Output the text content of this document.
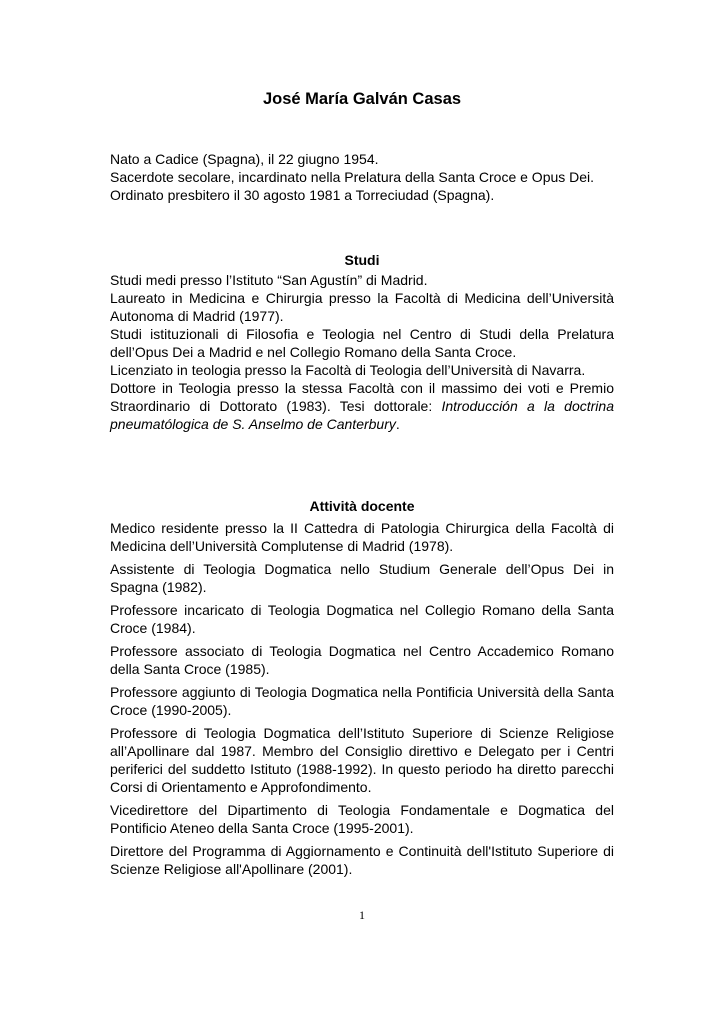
José María Galván Casas

Nato a Cadice (Spagna), il 22 giugno 1954.

Sacerdote secolare, incardinato nella Prelatura della Santa Croce e Opus Dei.

Ordinato presbitero il 30 agosto 1981 a Torreciudad (Spagna).

Studi

Studi medi presso l’Istituto “San Agustín” di Madrid.

Laureato in Medicina e Chirurgia presso la Facoltà di Medicina dell’Università Autonoma di Madrid (1977).

Studi istituzionali di Filosofia e Teologia nel Centro di Studi della Prelatura dell’Opus Dei a Madrid e nel Collegio Romano della Santa Croce.

Licenziato in teologia presso la Facoltà di Teologia dell’Università di Navarra.

Dottore in Teologia presso la stessa Facoltà con il massimo dei voti e Premio Straordinario di Dottorato (1983). Tesi dottorale: Introducción a la doctrina pneumatólogica de S. Anselmo de Canterbury.

Attività docente

Medico residente presso la II Cattedra di Patologia Chirurgica della Facoltà di Medicina dell’Università Complutense di Madrid (1978).

Assistente di Teologia Dogmatica nello Studium Generale dell’Opus Dei in Spagna (1982).

Professore incaricato di Teologia Dogmatica nel Collegio Romano della Santa Croce (1984).

Professore associato di Teologia Dogmatica nel Centro Accademico Romano della Santa Croce (1985).

Professore aggiunto di Teologia Dogmatica nella Pontificia Università della Santa Croce (1990-2005).

Professore di Teologia Dogmatica dell’Istituto Superiore di Scienze Religiose all’Apollinare dal 1987. Membro del Consiglio direttivo e Delegato per i Centri periferici del suddetto Istituto (1988-1992). In questo periodo ha diretto parecchi Corsi di Orientamento e Approfondimento.

Vicedirettore del Dipartimento di Teologia Fondamentale e Dogmatica del Pontificio Ateneo della Santa Croce (1995-2001).

Direttore del Programma di Aggiornamento e Continuità dell'Istituto Superiore di Scienze Religiose all'Apollinare (2001).

1
